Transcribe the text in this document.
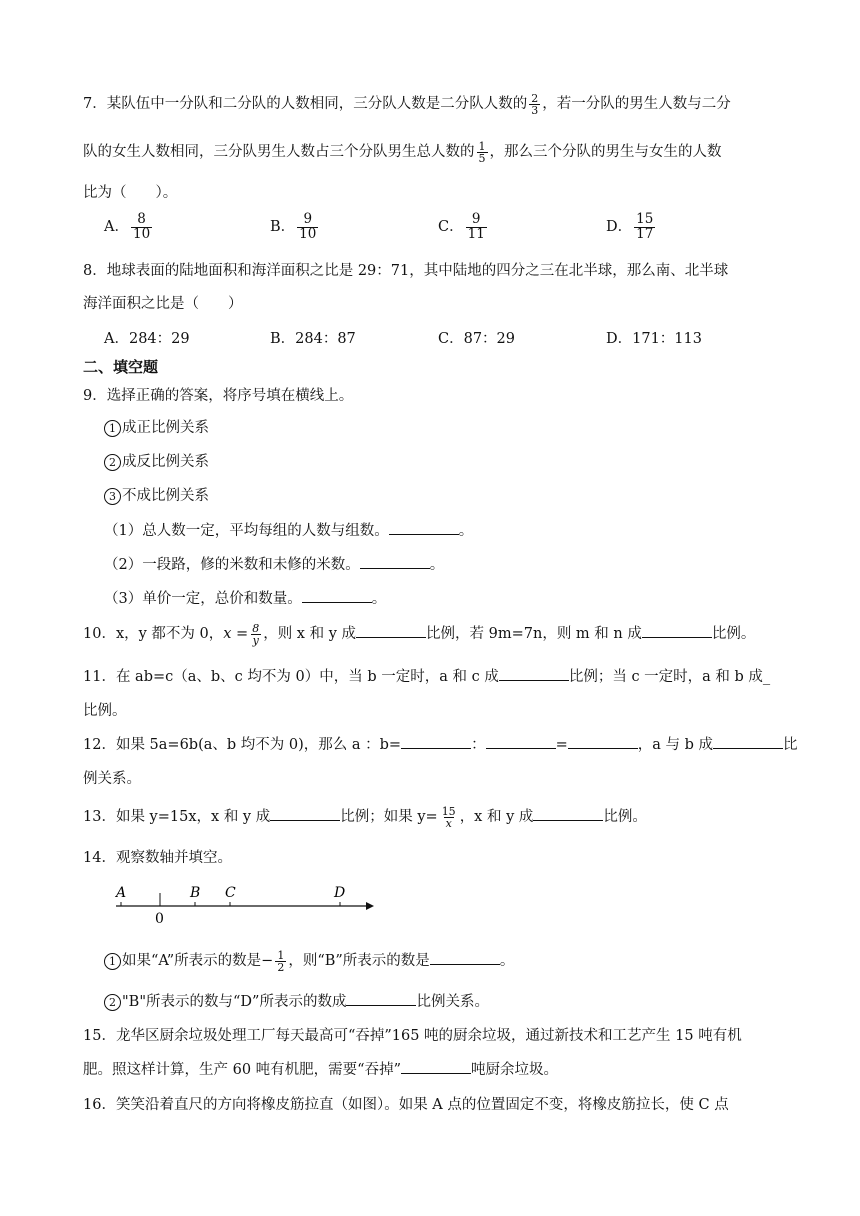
7．某队伍中一分队和二分队的人数相同，三分队人数是二分队人数的 $\frac{2}{3}$ ，若一分队的男生人数与二分
队的女生人数相同，三分队男生人数占三个分队男生总人数的 $\frac{1}{5}$ ，那么三个分队的男生与女生的人数
比为（　　）。
A． $\frac{8}{10}$	B． $\frac{9}{10}$	C． $\frac{9}{11}$	D． $\frac{15}{17}$
8．地球表面的陆地面积和海洋面积之比是 29：71，其中陆地的四分之三在北半球，那么南、北半球
海洋面积之比是（　　）
A．284：29	B．284：87	C．87：29	D．171：113
二、填空题
9．选择正确的答案，将序号填在横线上。
1 成正比例关系
2 成反比例关系
3 不成比例关系
（1）总人数一定，平均每组的人数与组数。	。
（2）一段路，修的米数和未修的米数。	。
（3）单价一定，总价和数量。	。
10．x，y 都不为 0，$x = \frac{8}{y}$ ，则 x 和 y 成	比例，若 9m=7n，则 m 和 n 成	比例。
11．在 ab=c（a、b、c 均不为 0）中，当 b 一定时，a 和 c 成	比例；当 c 一定时，a 和 b 成_
比例。
12．如果 5a=6b(a、b 均不为 0)，那么 a ：b=	：	=	，a 与 b 成	比
例关系。
13．如果 y=15x，x 和 y 成	比例；如果 $y= \frac{15}{x}$ ，x 和 y 成	比例。
14．观察数轴并填空。
A	B C	D
0
1 如果“A”所表示的数是− $\frac{1}{2}$ ，则“B”所表示的数是	。
2 "B"所表示的数与“D”所表示的数成	比例关系。
15．龙华区厨余垃圾处理工厂每天最高可“吞掉”165 吨的厨余垃圾，通过新技术和工艺产生 15 吨有机
肥。照这样计算，生产 60 吨有机肥，需要“吞掉”	吨厨余垃圾。
16．笑笑沿着直尺的方向将橡皮筋拉直（如图）。如果 A 点的位置固定不变，将橡皮筋拉长，使 C 点
